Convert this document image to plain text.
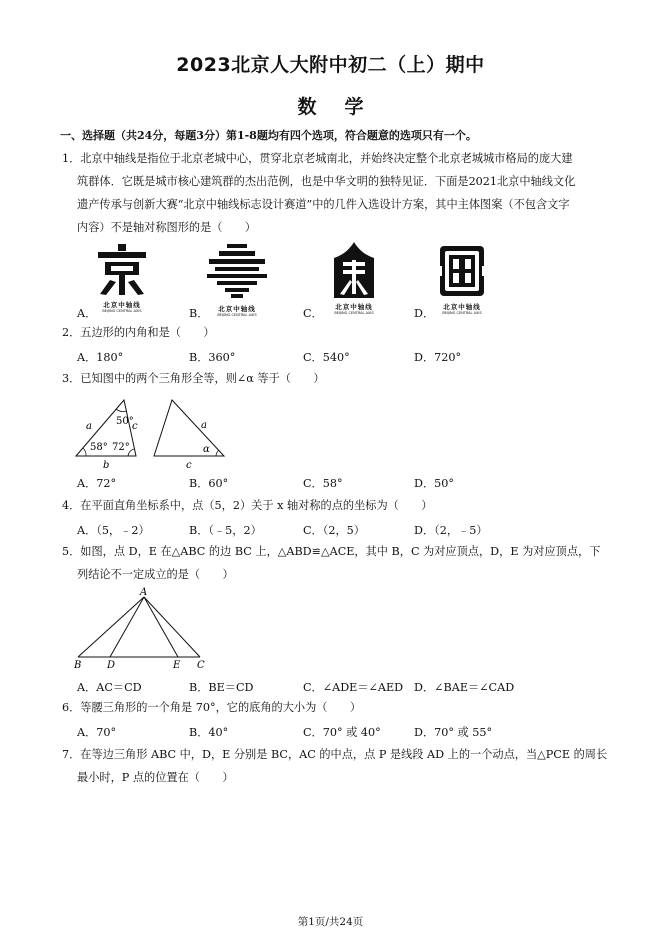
2023北京人大附中初二（上）期中
数学
一、选择题（共24分，每题3分）第1-8题均有四个选项，符合题意的选项只有一个。
1．北京中轴线是指位于北京老城中心，贯穿北京老城南北，并始终决定整个北京老城城市格局的庞大建
筑群体．它既是城市核心建筑群的杰出范例，也是中华文明的独特见证．下面是2021北京中轴线文化
遗产传承与创新大赛“北京中轴线标志设计赛道”中的几件入选设计方案，其中主体图案（不包含文字
内容）不是轴对称图形的是（　　）
北京中轴线
BEIJING CENTRAL AXIS	北京中轴线
BEIJING CENTRAL AXIS
北京中轴线
BEIJING CENTRAL AXIS
北京中轴线
BEIJING CENTRAL AXIS
A．	B．	C．	D．
2．五边形的内角和是（　　）
A．180°	B．360°	C．540°	D．720°
3．已知图中的两个三角形全等，则∠α 等于（　　）
a	c
b
50°
58° 72°
a
α
c
A．72°	B．60°	C．58°	D．50°
4．在平面直角坐标系中，点（5，2）关于 x 轴对称的点的坐标为（　　）
A．（5，﹣2）	B．（﹣5，2）	C．（2，5）	D．（2，﹣5）
5．如图，点 D，E 在△ABC 的边 BC 上，△ABD≌△ACE，其中 B，C 为对应顶点，D，E 为对应顶点，下
列结论不一定成立的是（　　）
A
B	D	E C
A．AC＝CD	B．BE＝CD	C．∠ADE＝∠AED D．∠BAE＝∠CAD
6．等腰三角形的一个角是 70°，它的底角的大小为（　　）
A．70°	B．40°	C．70° 或 40°	D．70° 或 55°
7．在等边三角形 ABC 中，D，E 分别是 BC，AC 的中点，点 P 是线段 AD 上的一个动点，当△PCE 的周长
最小时，P 点的位置在（　　）
第1页/共24页
